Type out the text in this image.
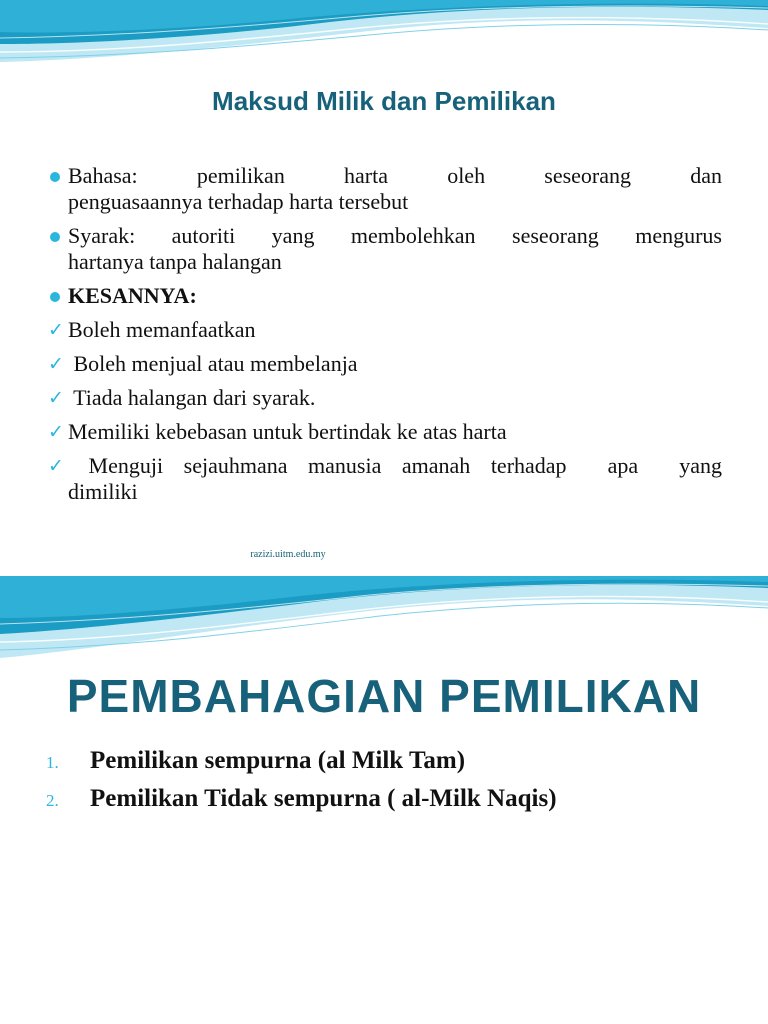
Maksud Milik dan Pemilikan
Bahasa: pemilikan harta oleh seseorang dan
penguasaannya terhadap harta tersebut
Syarak: autoriti yang membolehkan seseorang mengurus
hartanya tanpa halangan
KESANNYA:
✓ Boleh memanfaatkan
✓ Boleh menjual atau membelanja
✓ Tiada halangan dari syarak.
✓ Memiliki kebebasan untuk bertindak ke atas harta
✓ Menguji sejauhmana manusia amanah terhadap  apa  yang
dimiliki
razizi.uitm.edu.my
PEMBAHAGIAN PEMILIKAN
1. Pemilikan sempurna (al Milk Tam)
2. Pemilikan Tidak sempurna ( al-Milk Naqis)
